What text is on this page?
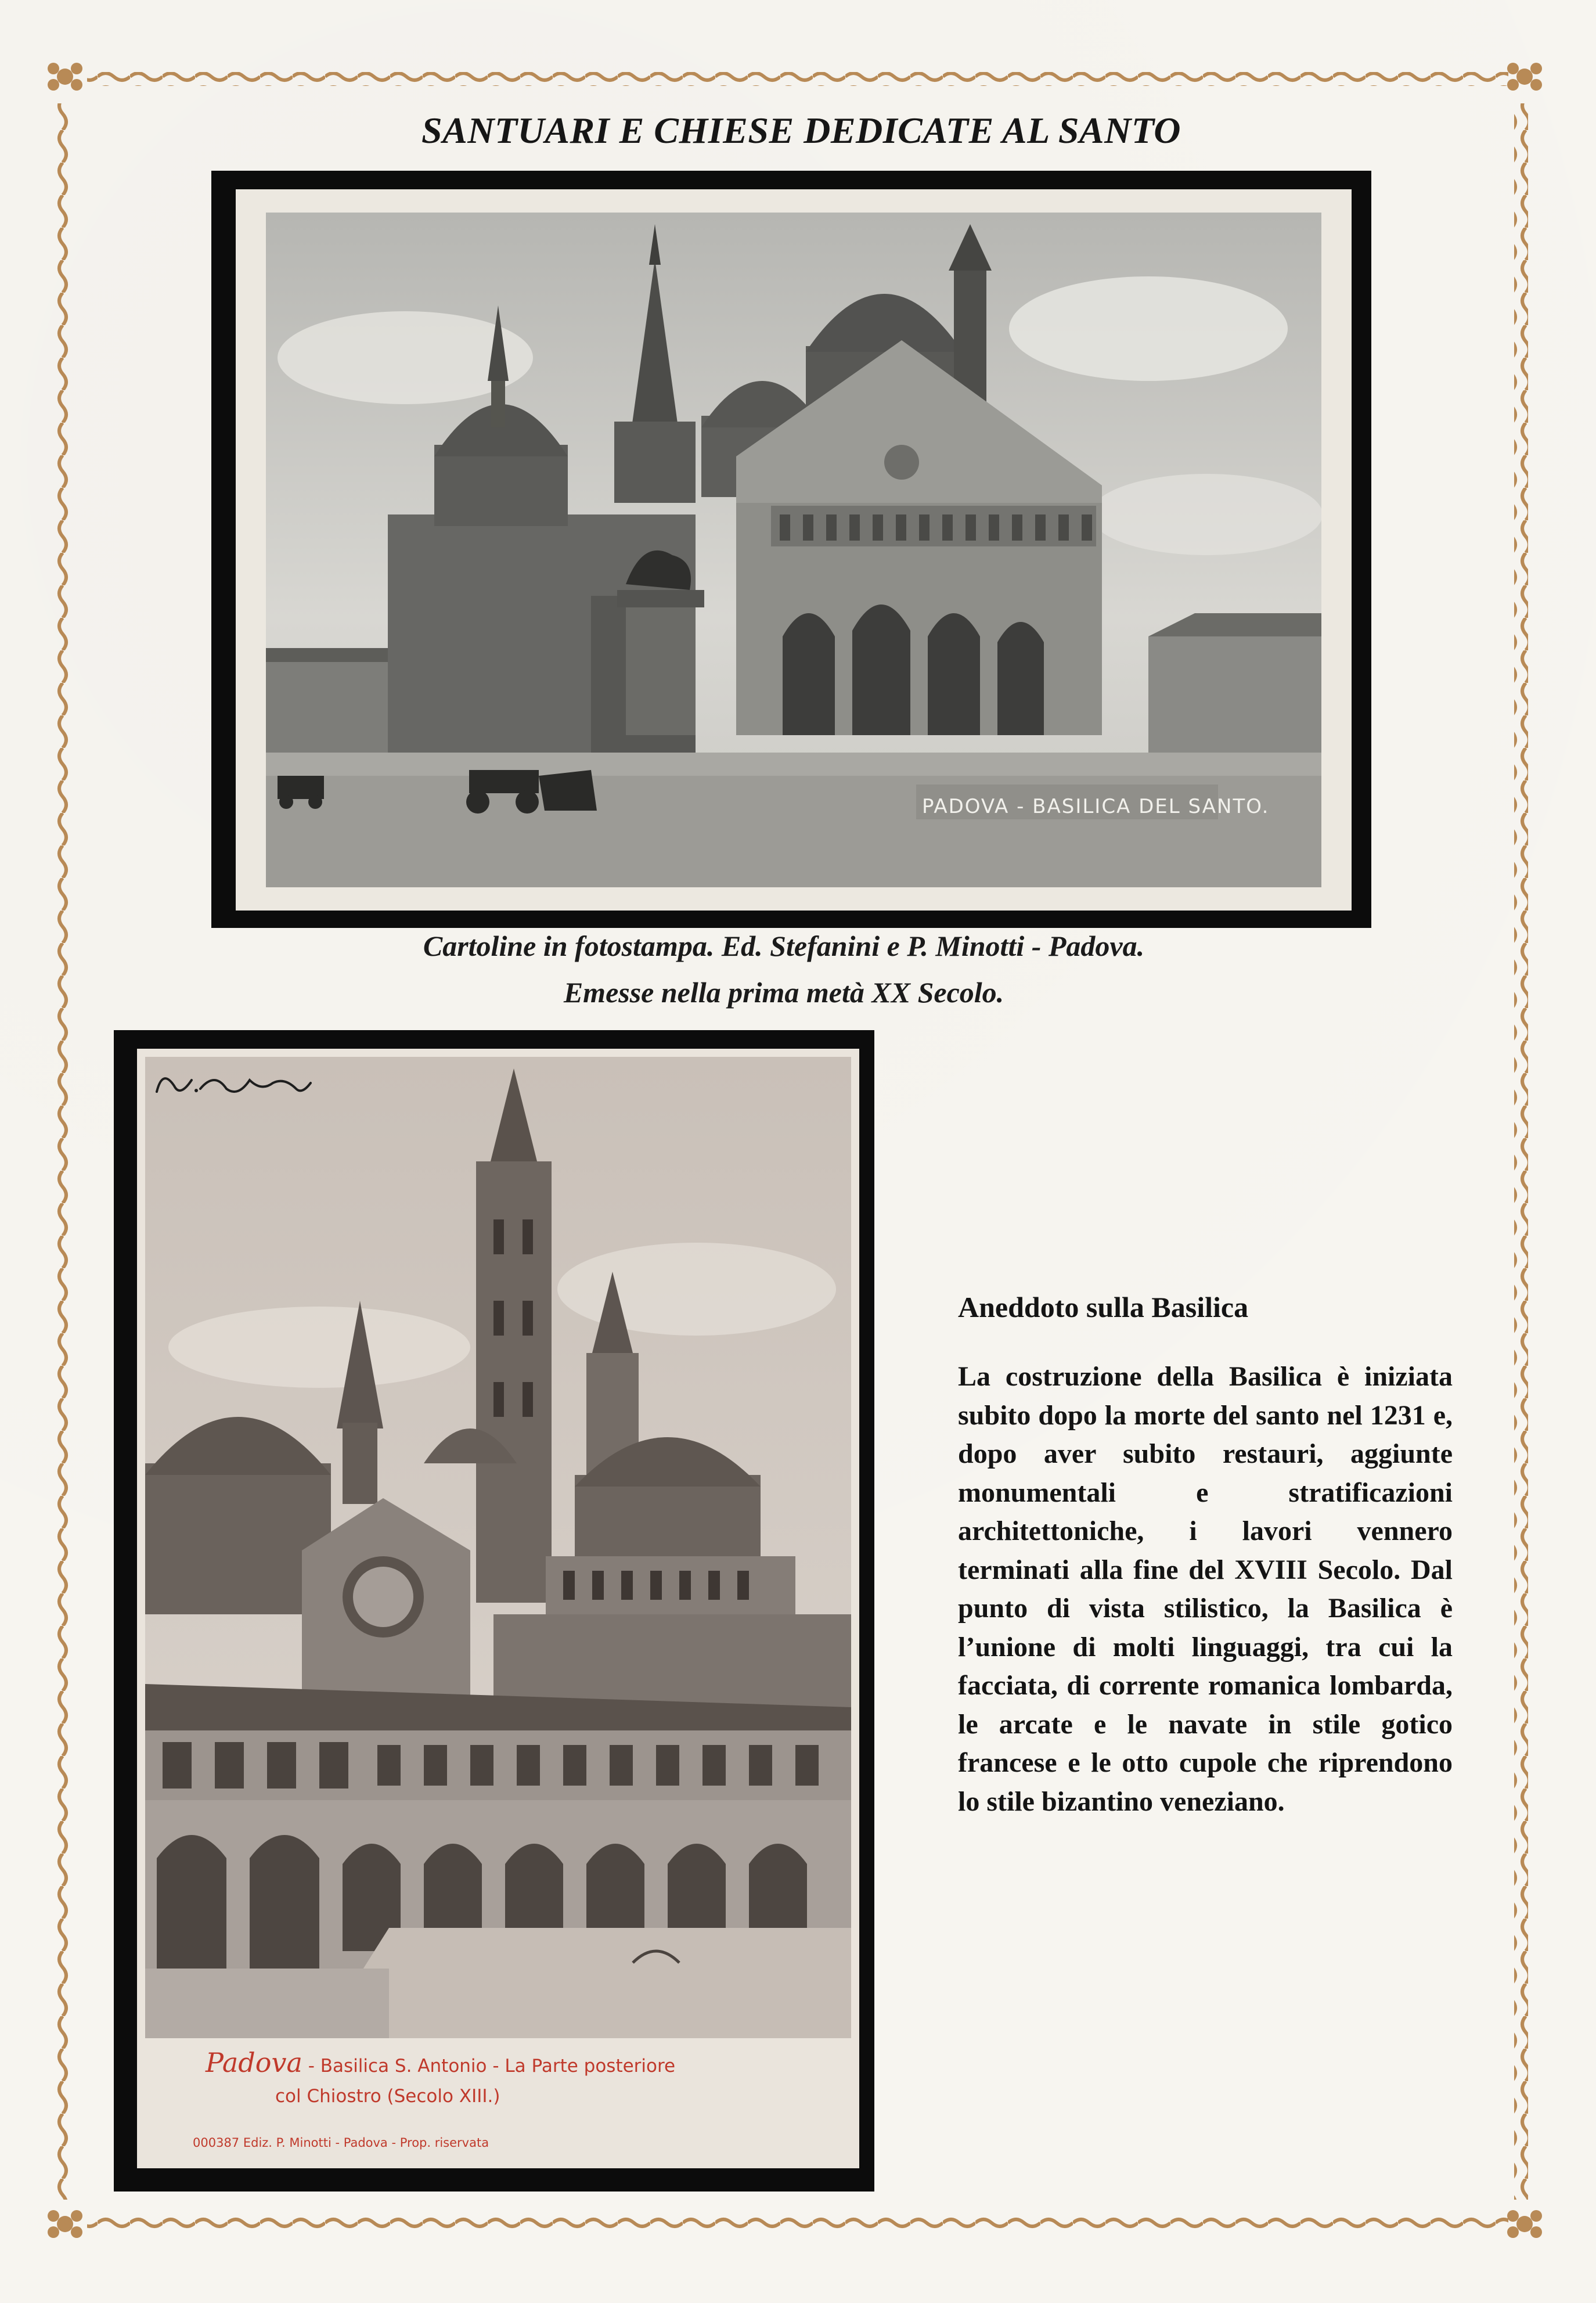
SANTUARI E CHIESE DEDICATE AL SANTO
PADOVA - BASILICA DEL SANTO.
Cartoline in fotostampa. Ed. Stefanini e P. Minotti - Padova.
Emesse nella prima metà XX Secolo.
Padova - Basilica S. Antonio - La Parte posteriore
col Chiostro (Secolo XIII.)
000387 Ediz. P. Minotti - Padova - Prop. riservata
Aneddoto sulla Basilica

La costruzione della Basilica è iniziata subito dopo la morte del santo nel 1231 e, dopo aver subito restauri, aggiunte monumentali e stratificazioni architettoniche, i lavori vennero terminati alla fine del XVIII Secolo. Dal punto di vista stilistico, la Basilica è l’unione di molti linguaggi, tra cui la facciata, di corrente romanica lombarda, le arcate e le navate in stile gotico francese e le otto cupole che riprendono lo stile bizantino veneziano.
